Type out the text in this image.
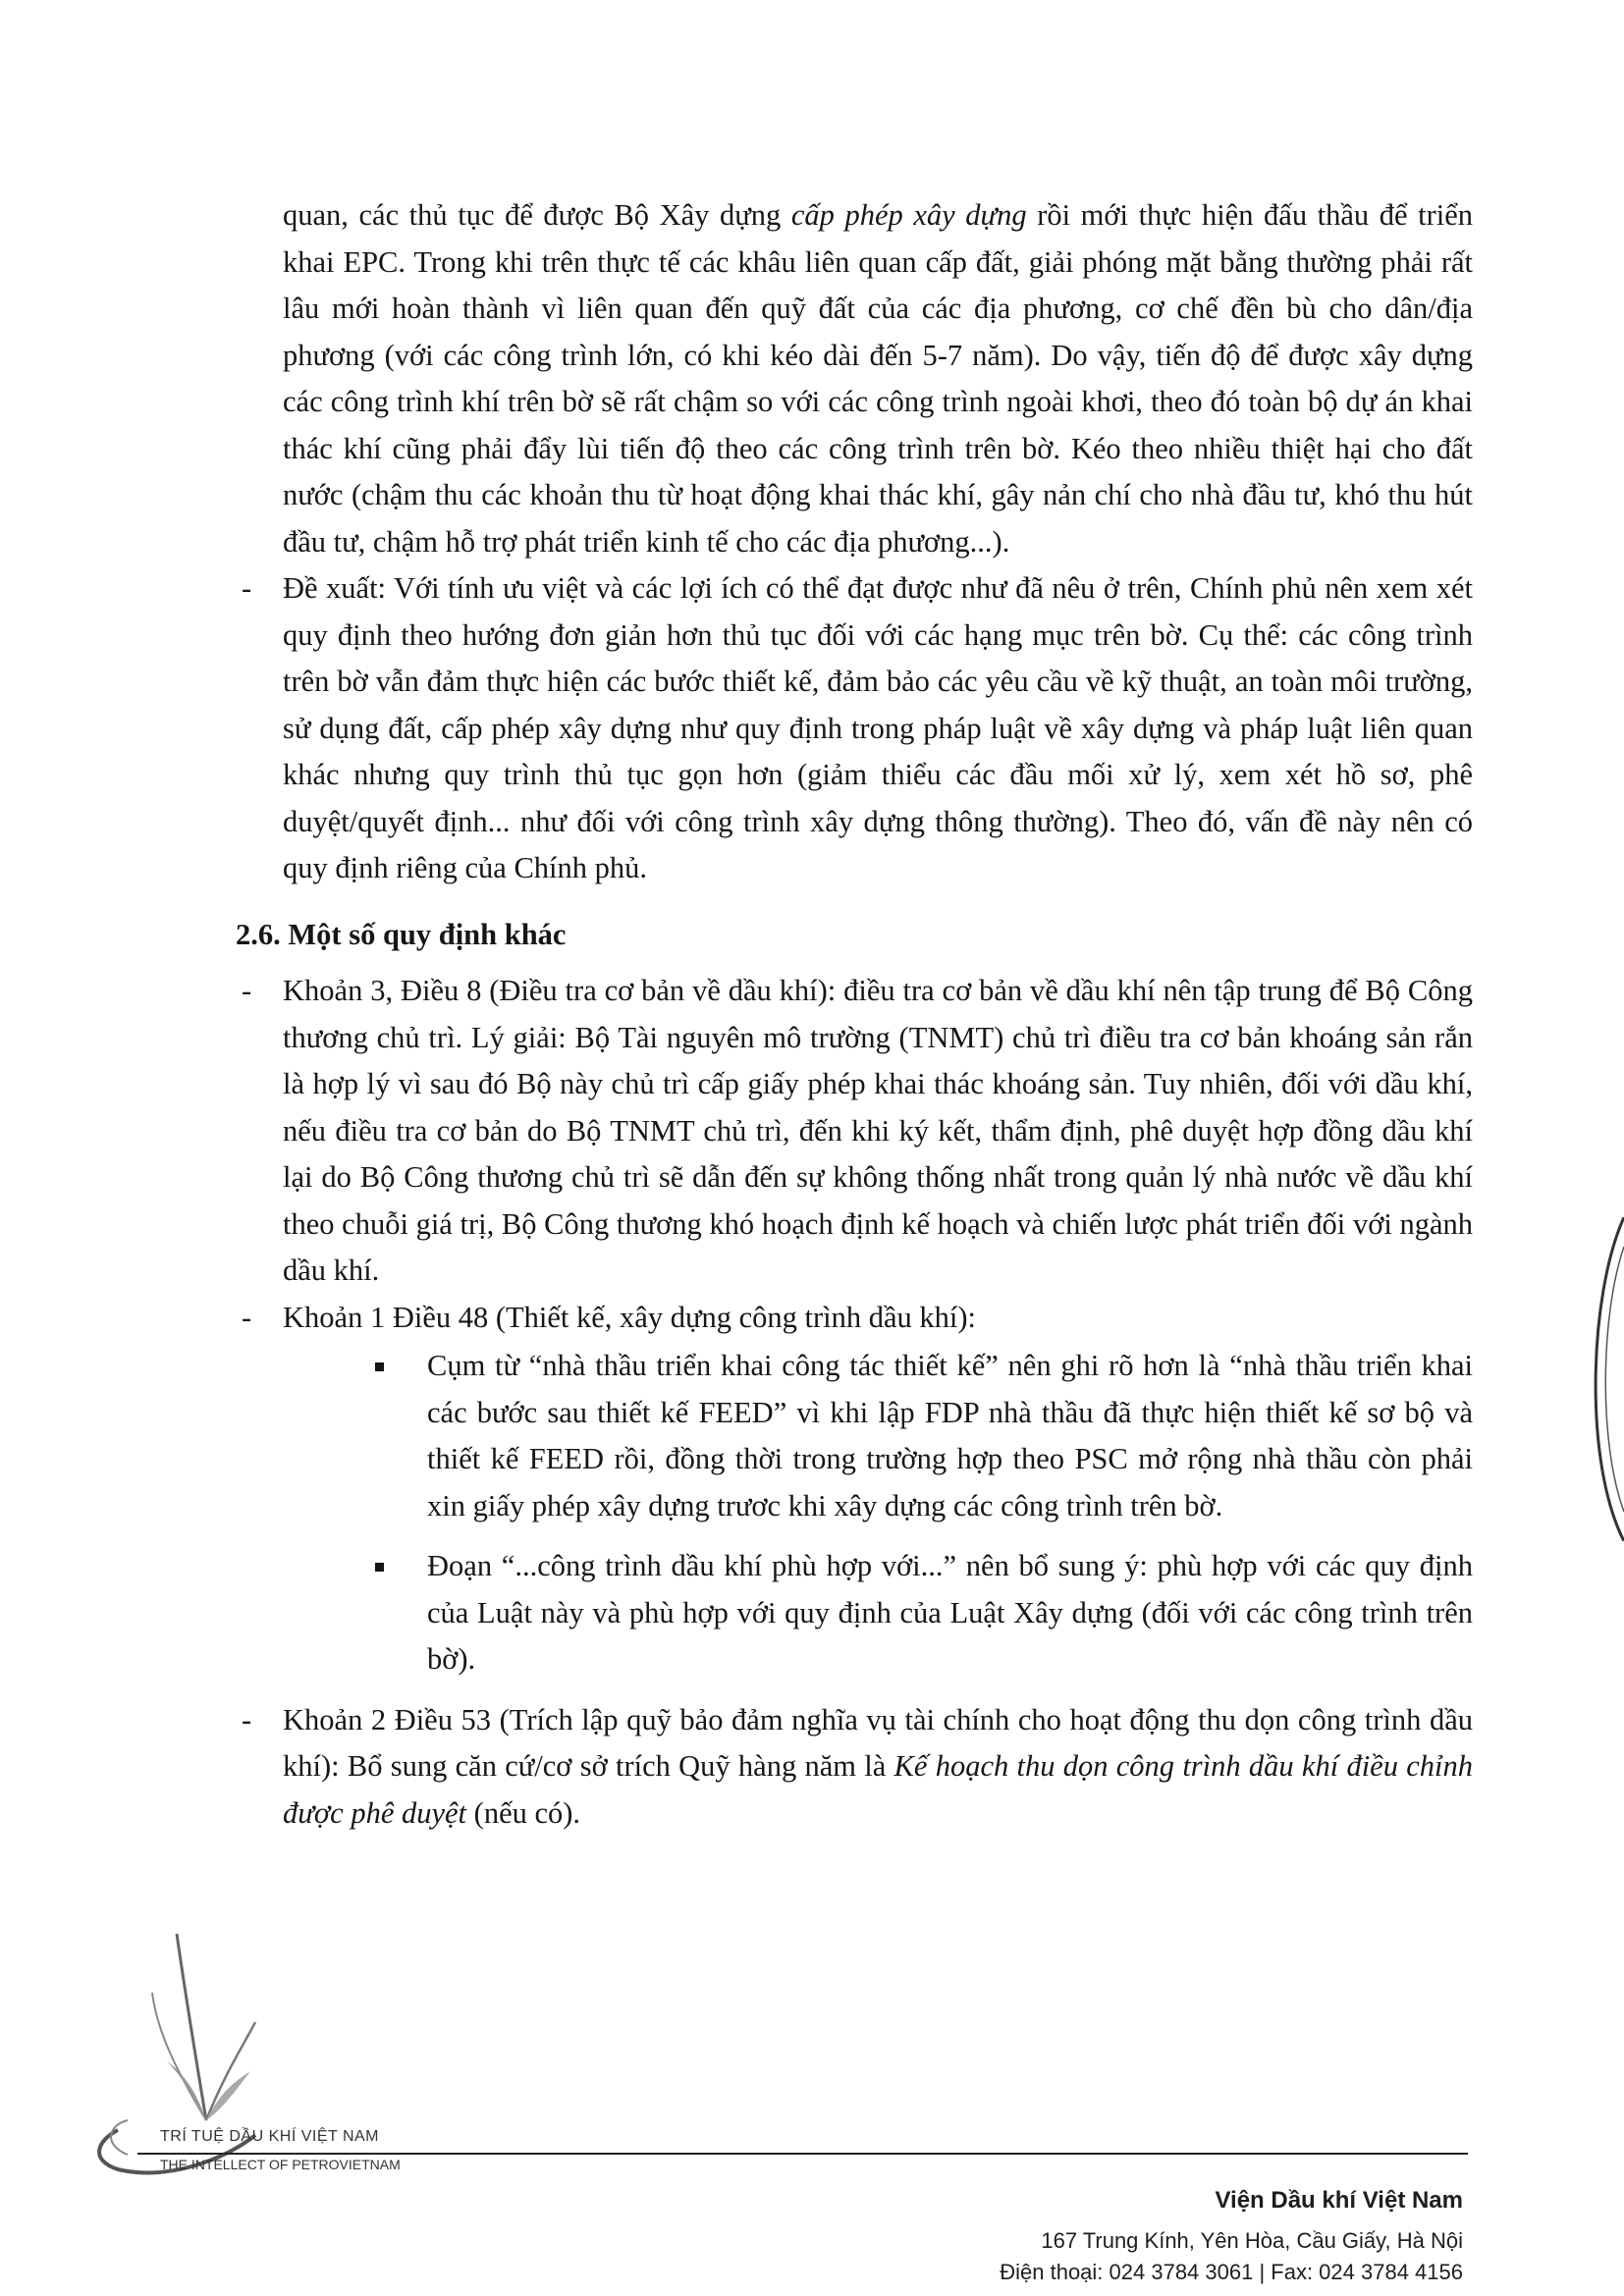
quan, các thủ tục để được Bộ Xây dựng cấp phép xây dựng rồi mới thực hiện đấu thầu để triển khai EPC. Trong khi trên thực tế các khâu liên quan cấp đất, giải phóng mặt bằng thường phải rất lâu mới hoàn thành vì liên quan đến quỹ đất của các địa phương, cơ chế đền bù cho dân/địa phương (với các công trình lớn, có khi kéo dài đến 5-7 năm). Do vậy, tiến độ để được xây dựng các công trình khí trên bờ sẽ rất chậm so với các công trình ngoài khơi, theo đó toàn bộ dự án khai thác khí cũng phải đẩy lùi tiến độ theo các công trình trên bờ. Kéo theo nhiều thiệt hại cho đất nước (chậm thu các khoản thu từ hoạt động khai thác khí, gây nản chí cho nhà đầu tư, khó thu hút đầu tư, chậm hỗ trợ phát triển kinh tế cho các địa phương...).

- Đề xuất: Với tính ưu việt và các lợi ích có thể đạt được như đã nêu ở trên, Chính phủ nên xem xét quy định theo hướng đơn giản hơn thủ tục đối với các hạng mục trên bờ. Cụ thể: các công trình trên bờ vẫn đảm thực hiện các bước thiết kế, đảm bảo các yêu cầu về kỹ thuật, an toàn môi trường, sử dụng đất, cấp phép xây dựng như quy định trong pháp luật về xây dựng và pháp luật liên quan khác nhưng quy trình thủ tục gọn hơn (giảm thiểu các đầu mối xử lý, xem xét hồ sơ, phê duyệt/quyết định... như đối với công trình xây dựng thông thường). Theo đó, vấn đề này nên có quy định riêng của Chính phủ.

2.6. Một số quy định khác

- Khoản 3, Điều 8 (Điều tra cơ bản về dầu khí): điều tra cơ bản về dầu khí nên tập trung để Bộ Công thương chủ trì. Lý giải: Bộ Tài nguyên mô trường (TNMT) chủ trì điều tra cơ bản khoáng sản rắn là hợp lý vì sau đó Bộ này chủ trì cấp giấy phép khai thác khoáng sản. Tuy nhiên, đối với dầu khí, nếu điều tra cơ bản do Bộ TNMT chủ trì, đến khi ký kết, thẩm định, phê duyệt hợp đồng dầu khí lại do Bộ Công thương chủ trì sẽ dẫn đến sự không thống nhất trong quản lý nhà nước về dầu khí theo chuỗi giá trị, Bộ Công thương khó hoạch định kế hoạch và chiến lược phát triển đối với ngành dầu khí.

- Khoản 1 Điều 48 (Thiết kế, xây dựng công trình dầu khí):

Cụm từ “nhà thầu triển khai công tác thiết kế” nên ghi rõ hơn là “nhà thầu triển khai các bước sau thiết kế FEED” vì khi lập FDP nhà thầu đã thực hiện thiết kế sơ bộ và thiết kế FEED rồi, đồng thời trong trường hợp theo PSC mở rộng nhà thầu còn phải xin giấy phép xây dựng trươc khi xây dựng các công trình trên bờ.
Đoạn “...công trình dầu khí phù hợp với...” nên bổ sung ý: phù hợp với các quy định của Luật này và phù hợp với quy định của Luật Xây dựng (đối với các công trình trên bờ).

- Khoản 2 Điều 53 (Trích lập quỹ bảo đảm nghĩa vụ tài chính cho hoạt động thu dọn công trình dầu khí): Bổ sung căn cứ/cơ sở trích Quỹ hàng năm là Kế hoạch thu dọn công trình dầu khí điều chỉnh được phê duyệt (nếu có).

TRÍ TUỆ DẦU KHÍ VIỆT NAM
THE INTELLECT OF PETROVIETNAM
Viện Dầu khí Việt Nam
167 Trung Kính, Yên Hòa, Cầu Giấy, Hà Nội
Điện thoại: 024 3784 3061 | Fax: 024 3784 4156
